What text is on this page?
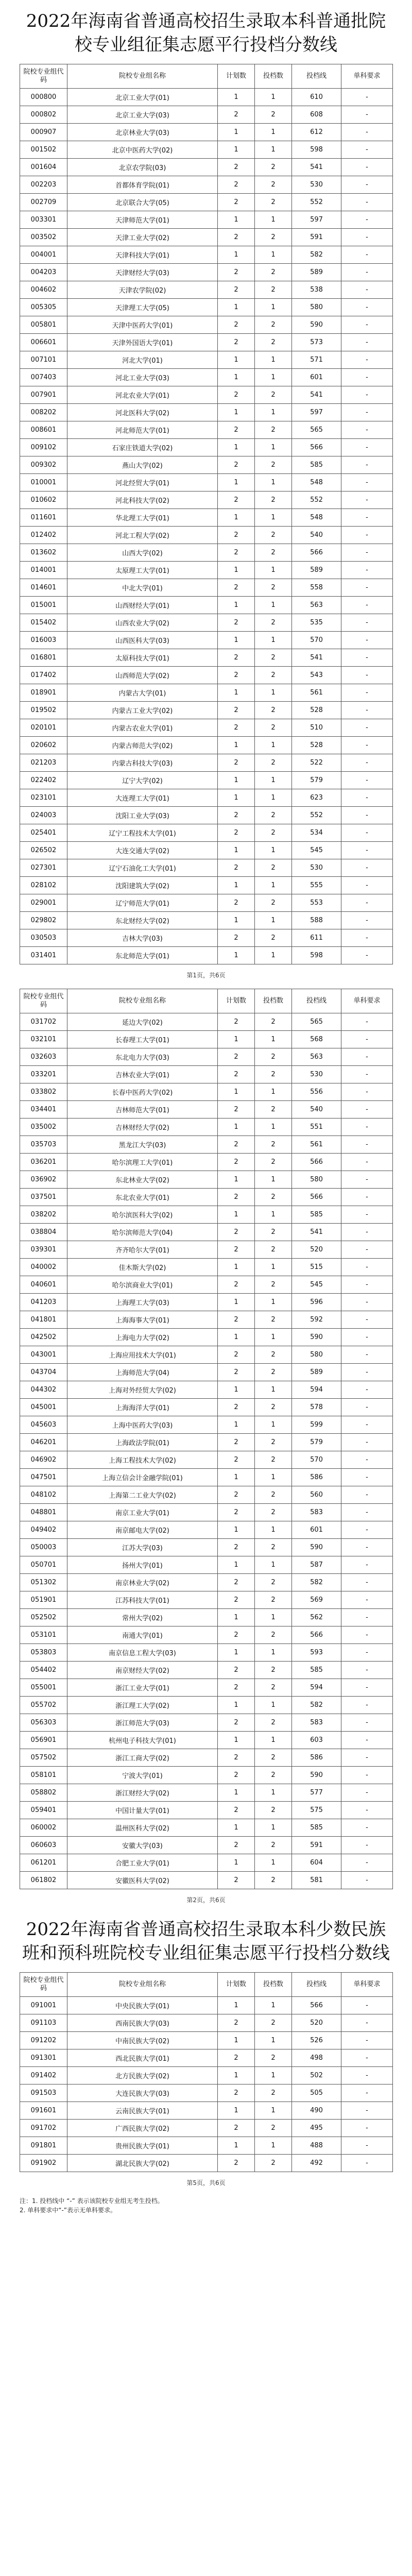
2022年海南省普通高校招生录取本科普通批院校专业组征集志愿平行投档分数线
院校专业组代码	院校专业组名称	计划数	投档数	投档线	单科要求
000800	北京工业大学(01)	1	1	610	-
000802	北京工业大学(03)	2	2	608	-
000907	北京林业大学(03)	1	1	612	-
001502	北京中医药大学(02)	1	1	598	-
001604	北京农学院(03)	2	2	541	-
002203	首都体育学院(01)	2	2	530	-
002709	北京联合大学(05)	2	2	552	-
003301	天津师范大学(01)	1	1	597	-
003502	天津工业大学(02)	2	2	591	-
004001	天津科技大学(01)	1	1	582	-
004203	天津财经大学(03)	2	2	589	-
004602	天津农学院(02)	2	2	538	-
005305	天津理工大学(05)	1	1	580	-
005801	天津中医药大学(01)	2	2	590	-
006601	天津外国语大学(01)	2	2	573	-
007101	河北大学(01)	1	1	571	-
007403	河北工业大学(03)	1	1	601	-
007901	河北农业大学(01)	2	2	541	-
008202	河北医科大学(02)	1	1	597	-
008601	河北师范大学(01)	2	2	565	-
009102	石家庄铁道大学(02)	1	1	566	-
009302	燕山大学(02)	2	2	585	-
010001	河北经贸大学(01)	1	1	548	-
010602	河北科技大学(02)	2	2	552	-
011601	华北理工大学(01)	1	1	548	-
012402	河北工程大学(02)	2	2	540	-
013602	山西大学(02)	2	2	566	-
014001	太原理工大学(01)	1	1	589	-
014601	中北大学(01)	2	2	558	-
015001	山西财经大学(01)	1	1	563	-
015402	山西农业大学(02)	2	2	535	-
016003	山西医科大学(03)	1	1	570	-
016801	太原科技大学(01)	2	2	541	-
017402	山西师范大学(02)	2	2	543	-
018901	内蒙古大学(01)	1	1	561	-
019502	内蒙古工业大学(02)	2	2	528	-
020101	内蒙古农业大学(01)	2	2	510	-
020602	内蒙古师范大学(02)	1	1	528	-
021203	内蒙古科技大学(03)	2	2	522	-
022402	辽宁大学(02)	1	1	579	-
023101	大连理工大学(01)	1	1	623	-
024003	沈阳工业大学(03)	2	2	552	-
025401	辽宁工程技术大学(01)	2	2	534	-
026502	大连交通大学(02)	1	1	545	-
027301	辽宁石油化工大学(01)	2	2	530	-
028102	沈阳建筑大学(02)	1	1	555	-
029001	辽宁师范大学(01)	2	2	553	-
029802	东北财经大学(02)	1	1	588	-
030503	吉林大学(03)	2	2	611	-
031401	东北师范大学(01)	1	1	598	-
第1页，共6页
院校专业组代码	院校专业组名称	计划数	投档数	投档线	单科要求
031702	延边大学(02)	2	2	565	-
032101	长春理工大学(01)	1	1	568	-
032603	东北电力大学(03)	2	2	563	-
033201	吉林农业大学(01)	2	2	530	-
033802	长春中医药大学(02)	1	1	556	-
034401	吉林师范大学(01)	2	2	540	-
035002	吉林财经大学(02)	1	1	551	-
035703	黑龙江大学(03)	2	2	561	-
036201	哈尔滨理工大学(01)	2	2	566	-
036902	东北林业大学(02)	1	1	580	-
037501	东北农业大学(01)	2	2	566	-
038202	哈尔滨医科大学(02)	1	1	585	-
038804	哈尔滨师范大学(04)	2	2	541	-
039301	齐齐哈尔大学(01)	2	2	520	-
040002	佳木斯大学(02)	1	1	515	-
040601	哈尔滨商业大学(01)	2	2	545	-
041203	上海理工大学(03)	1	1	596	-
041801	上海海事大学(01)	2	2	592	-
042502	上海电力大学(02)	1	1	590	-
043001	上海应用技术大学(01)	2	2	580	-
043704	上海师范大学(04)	2	2	589	-
044302	上海对外经贸大学(02)	1	1	594	-
045001	上海海洋大学(01)	2	2	578	-
045603	上海中医药大学(03)	1	1	599	-
046201	上海政法学院(01)	2	2	579	-
046902	上海工程技术大学(02)	2	2	570	-
047501	上海立信会计金融学院(01)	1	1	586	-
048102	上海第二工业大学(02)	2	2	560	-
048801	南京工业大学(01)	2	2	583	-
049402	南京邮电大学(02)	1	1	601	-
050003	江苏大学(03)	2	2	590	-
050701	扬州大学(01)	1	1	587	-
051302	南京林业大学(02)	2	2	582	-
051901	江苏科技大学(01)	2	2	569	-
052502	常州大学(02)	1	1	562	-
053101	南通大学(01)	2	2	566	-
053803	南京信息工程大学(03)	1	1	593	-
054402	南京财经大学(02)	2	2	585	-
055001	浙江工业大学(01)	2	2	594	-
055702	浙江理工大学(02)	1	1	582	-
056303	浙江师范大学(03)	2	2	583	-
056901	杭州电子科技大学(01)	1	1	603	-
057502	浙江工商大学(02)	2	2	586	-
058101	宁波大学(01)	2	2	590	-
058802	浙江财经大学(02)	1	1	577	-
059401	中国计量大学(01)	2	2	575	-
060002	温州医科大学(02)	1	1	585	-
060603	安徽大学(03)	2	2	591	-
061201	合肥工业大学(01)	1	1	604	-
061802	安徽医科大学(02)	2	2	581	-
第2页，共6页
2022年海南省普通高校招生录取本科少数民族班和预科班院校专业组征集志愿平行投档分数线
院校专业组代码	院校专业组名称	计划数	投档数	投档线	单科要求
091001	中央民族大学(01)	1	1	566	-
091103	西南民族大学(03)	2	2	520	-
091202	中南民族大学(02)	1	1	526	-
091301	西北民族大学(01)	2	2	498	-
091402	北方民族大学(02)	1	1	502	-
091503	大连民族大学(03)	2	2	505	-
091601	云南民族大学(01)	1	1	490	-
091702	广西民族大学(02)	2	2	495	-
091801	贵州民族大学(01)	1	1	488	-
091902	湖北民族大学(02)	2	2	492	-
第5页，共6页

注：1. 投档线中 “-” 表示该院校专业组无考生投档。

2. 单科要求中“-”表示无单科要求。
